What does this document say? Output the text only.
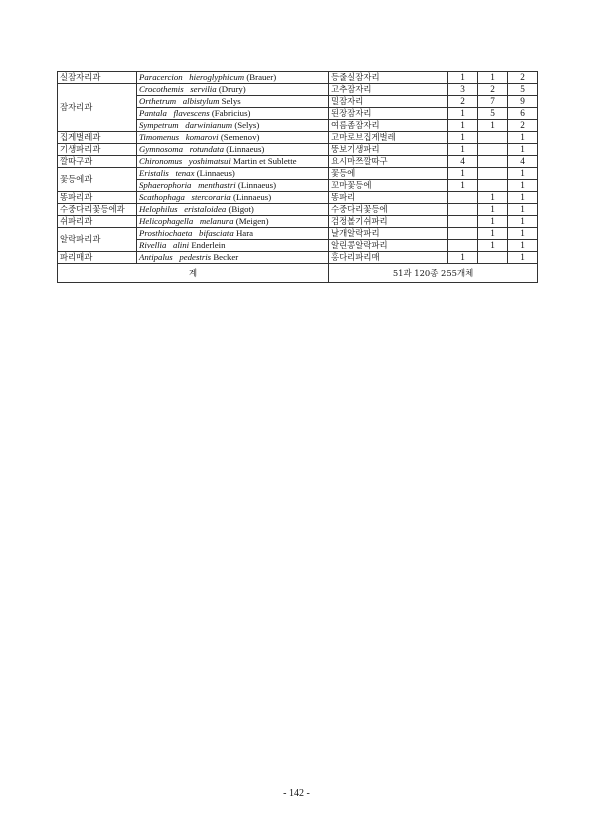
실잠자리과	Paracercion hieroglyphicum (Brauer)	등줄실잠자리	1	1	2
잠자리과	Crocothemis servilia (Drury)	고추잠자리	3	2	5
	Orthetrum albistylum Selys	밀잠자리	2	7	9
	Pantala flavescens (Fabricius)	된장잠자리	1	5	6
	Sympetrum darwinianum (Selys)	여름좀잠자리	1	1	2
집게벌레과	Timomenus komarovi (Semenov)	고마로브집게벌레	1		1
기생파리과	Gymnosoma rotundata (Linnaeus)	뚱보기생파리	1		1
깔따구과	Chironomus yoshimatsui Martin et Sublette	요시마쯔깔따구	4		4
꽃등에과	Eristalis tenax (Linnaeus)	꽃등에	1		1
	Sphaerophoria menthastri (Linnaeus)	꼬마꽃등에	1		1
똥파리과	Scathophaga stercoraria (Linnaeus)	똥파리		1	1
수중다리꽃등에과	Helophilus eristaloidea (Bigot)	수중다리꽃등에		1	1
쉬파리과	Helicophagella melanura (Meigen)	검정볼기쉬파리		1	1
알락파리과	Prosthiochaeta bifasciata Hara	날개알락파리		1	1
	Rivellia alini Enderlein	알린콩알락파리		1	1
파리매과	Antipalus pedestris Becker	홍다리파리매	1		1
계		51과 120종 255개체			
- 142 -
